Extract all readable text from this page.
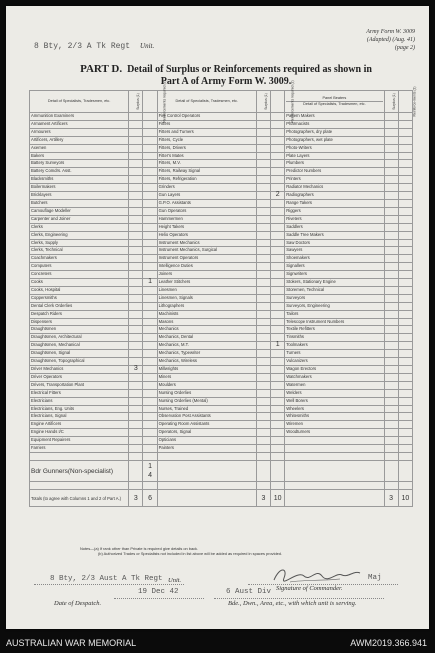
Army Form W. 3009
(Adapted) (Aug. 41)
(page 2)
8 Bty, 2/3 A Tk Regt Unit.
PART D. Detail of Surplus or Reinforcements required as shown in
Part A of Army Form W. 3009.
Detail of Specialists, Tradesmen, etc.	Surplus (1)	Reinforcements required (2)	Detail of Specialists, Tradesmen, etc.	Surplus (1)	Reinforcements required (2)	Panel Beaters
Detail of Specialists, Tradesmen, etc.	Surplus (1)	Reinforce-ments (2)
Ammunition Examiners			Fire Control Operators			Pattern Makers		
Armament Artificers			Fitters			Pharmacists		
Armourers			Fitters and Turners			Photographers, dry plate		
Artificers, Artillery			Fitters, Cycle			Photographers, wet plate		
Axemen			Fitters, Drivers			Photo-Writers		
Bakers			Fitter's Mates			Plate Layers		
Battery Surveyors			Fitters, M.V.			Plumbers		
Battery Comdrs. Asst.			Fitters, Railway Signal			Predictor Numbers		
Blacksmiths			Fitters, Refrigeration			Printers		
Boilermakers			Grinders			Radiator Mechanics		
Bricklayers			Gun Layers		2	Radiographers		
Butchers			G.P.O. Assistants			Range Takers		
Camouflage Modeller			Gun Operators			Riggers		
Carpenter and Joiner			Hammermen			Riveters		
Clerks			Height Takers			Saddlers		
Clerks, Engineering			Helio Operators			Saddle Tree Makers		
Clerks, Supply			Instrument Mechanics			Saw Doctors		
Clerks, Technical			Instrument Mechanics, Surgical			Sawyers		
Coachmakers			Instrument Operators			Shoemakers		
Computers			Intelligence Duties			Signallers		
Concreters			Joiners			Signwriters		
Cooks		1	Leather Stitchers			Stokers, Stationary Engine		
Cooks, Hospital			Linesmen			Storemen, Technical		
Coppersmiths			Linesmen, Signals			Surveyors		
Dental Clerk Orderlies			Lithographers			Surveyors, Engineering		
Despatch Riders			Machinists			Tailors		
Dispensers			Masons			Telescope Instrument Numbers		
Draughtsmen			Mechanics			Textile Refitters		
Draughtsmen, Architectural			Mechanics, Dental			Tinsmiths		
Draughtsmen, Mechanical			Mechanics, M.T.		1	Toolmakers		
Draughtsmen, Signal			Mechanics, Typewriter			Turners		
Draughtsmen, Topographical			Mechanics, Wireless			Vulcanizers		
Driver Mechanics	3		Millwrights			Wagon Erectors		
Driver Operators			Miners			Watchmakers		
Drivers, Transportation Plant			Moulders			Watermen		
Electrical Fitters			Nursing Orderlies			Welders		
Electricians			Nursing Orderlies (Mental)			Well Borers		
Electricians, Eng. Units			Nurses, Trained			Wheelers		
Electricians, Signal			Observation Post Assistants			Whitesmiths		
Engine Artificers			Operating Room Assistants			Wiremen		
Engine Hands I/C			Operators, Signal			Woodturners		
Equipment Repairers			Opticians					
Farriers			Painters					

Bdr Gunners(Non-specialist)		1
4						

Totals (to agree with Columns 1 and 2 of Part A.)	3	6		3	10		3	10
Notes—(a) If rank other than Private is required give details on back.
(b) Authorized Trades or Specialists not included in list above will be added as required in spaces provided.
8 Bty, 2/3 Aust A Tk Regt Unit.	Maj
Signature of Commander.
19 Dec 42
Date of Despatch.
6 Aust Div
Bde., Dwn., Area, etc., with which unit is serving.
AUSTRALIAN WAR MEMORIAL	AWM2019.366.941
